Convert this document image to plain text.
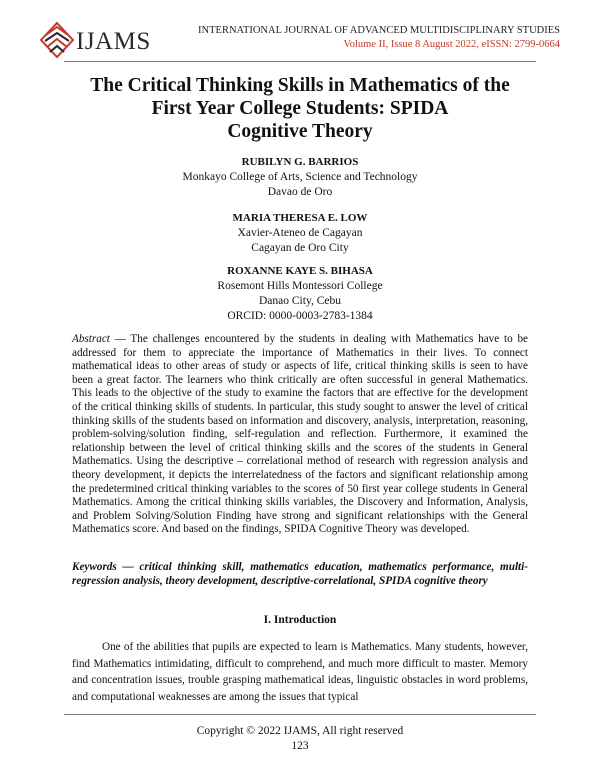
IJAMS	INTERNATIONAL JOURNAL OF ADVANCED MULTIDISCIPLINARY STUDIES
Volume II, Issue 8 August 2022, eISSN: 2799-0664
The Critical Thinking Skills in Mathematics of the
First Year College Students: SPIDA
Cognitive Theory
RUBILYN G. BARRIOS
Monkayo College of Arts, Science and Technology
Davao de Oro
MARIA THERESA E. LOW
Xavier-Ateneo de Cagayan
Cagayan de Oro City
ROXANNE KAYE S. BIHASA
Rosemont Hills Montessori College
Danao City, Cebu
ORCID: 0000-0003-2783-1384
Abstract — The challenges encountered by the students in dealing with Mathematics have to be addressed for them to appreciate the importance of Mathematics in their lives. To connect mathematical ideas to other areas of study or aspects of life, critical thinking skills is seen to have been a great factor. The learners who think critically are often successful in general Mathematics. This leads to the objective of the study to examine the factors that are effective for the development of the critical thinking skills of students. In particular, this study sought to answer the level of critical thinking skills of the students based on information and discovery, analysis, interpretation, reasoning, problem-solving/solution finding, self-regulation and reflection. Furthermore, it examined the relationship between the level of critical thinking skills and the scores of the students in General Mathematics. Using the descriptive – correlational method of research with regression analysis and theory development, it depicts the interrelatedness of the factors and significant relationship among the predetermined critical thinking variables to the scores of 50 first year college students in General Mathematics. Among the critical thinking skills variables, the Discovery and Information, Analysis, and Problem Solving/Solution Finding have strong and significant relationships with the General Mathematics score. And based on the findings, SPIDA Cognitive Theory was developed.
Keywords — critical thinking skill, mathematics education, mathematics performance, multi-regression analysis, theory development, descriptive-correlational, SPIDA cognitive theory
I. Introduction
One of the abilities that pupils are expected to learn is Mathematics. Many students, however, find Mathematics intimidating, difficult to comprehend, and much more difficult to master. Memory and concentration issues, trouble grasping mathematical ideas, linguistic obstacles in word problems, and computational weaknesses are among the issues that typical
Copyright © 2022 IJAMS, All right reserved
123
